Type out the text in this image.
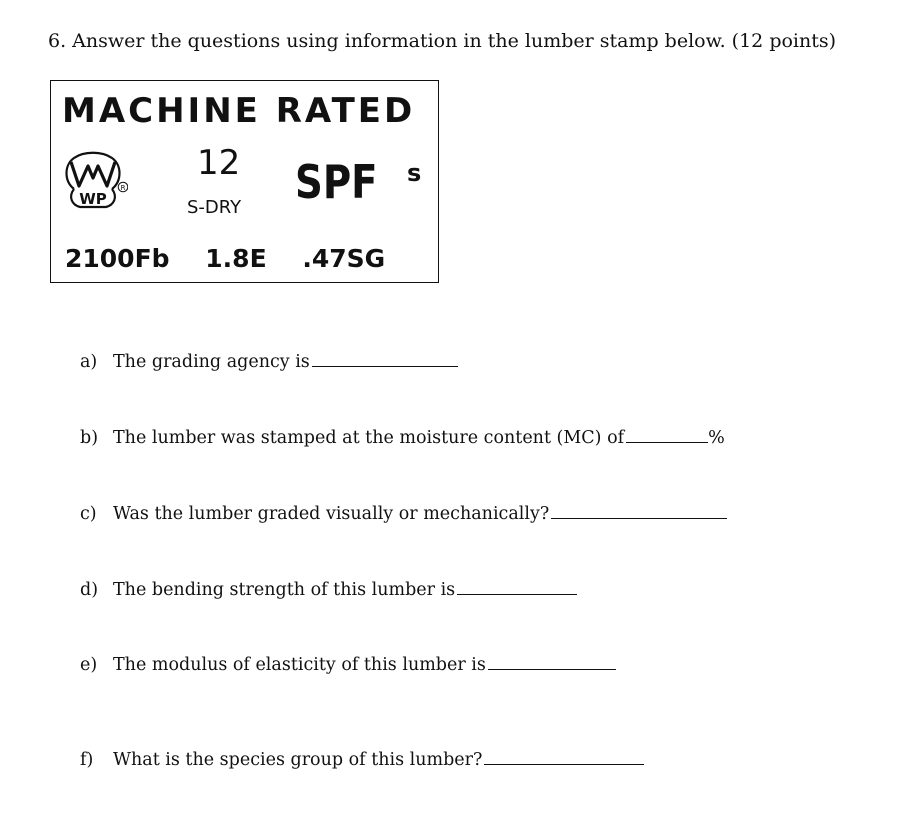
6. Answer the questions using information in the lumber stamp below. (12 points)
MACHINE RATED
WP
R
12
S-DRY SPF s
2100Fb 1.8E .47SG
a) The grading agency is
b) The lumber was stamped at the moisture content (MC) of	%
c) Was the lumber graded visually or mechanically?
d) The bending strength of this lumber is
e) The modulus of elasticity of this lumber is
f)	What is the species group of this lumber?
